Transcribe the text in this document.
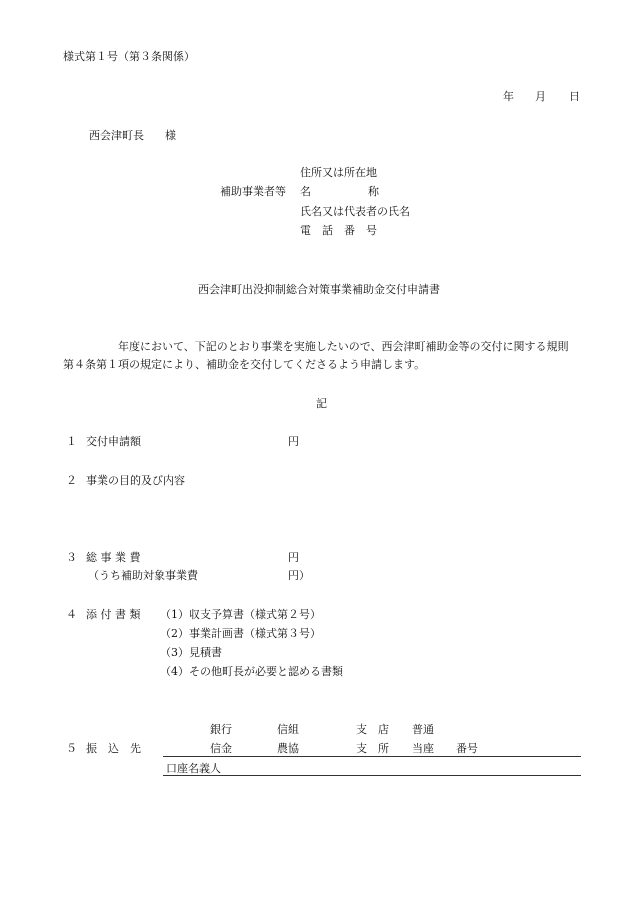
様式第１号（第３条関係）
年 月 日
西会津町長 様
住所又は所在地
補助事業者等 名	称
氏名又は代表者の氏名
電　話　番　号
西会津町出没抑制総合対策事業補助金交付申請書
年度において、下記のとおり事業を実施したいので、西会津町補助金等の交付に関する規則
第４条第１項の規定により、補助金を交付してくださるよう申請します。
記
１ 交付申請額	円
２ 事業の目的及び内容
３ 総 事 業 費	円
（うち補助対象事業費	円）
４ 添 付 書 類 （1）収支予算書（様式第２号）
（2）事業計画書（様式第３号）
（3）見積書
（4）その他町長が必要と認める書類
銀行	信組	支　店 普通
５ 振　込　先	信金	農協	支　所 当座 番号
口座名義人
